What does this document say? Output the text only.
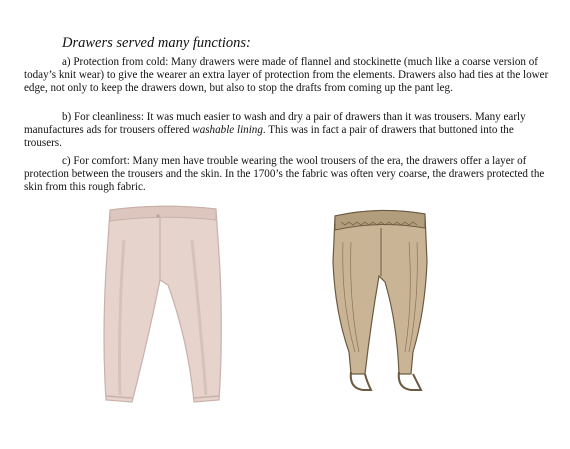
Drawers served many functions:

a) Protection from cold: Many drawers were made of flannel and stockinette (much like a coarse version of today’s knit wear) to give the wearer an extra layer of protection from the elements. Drawers also had ties at the lower edge, not only to keep the drawers down, but also to stop the drafts from coming up the pant leg.

b) For cleanliness: It was much easier to wash and dry a pair of drawers than it was trousers. Many early manufactures ads for trousers offered washable lining. This was in fact a pair of drawers that buttoned into the trousers.

c) For comfort: Many men have trouble wearing the wool trousers of the era, the drawers offer a layer of protection between the trousers and the skin. In the 1700’s the fabric was often very coarse, the drawers protected the skin from this rough fabric.
